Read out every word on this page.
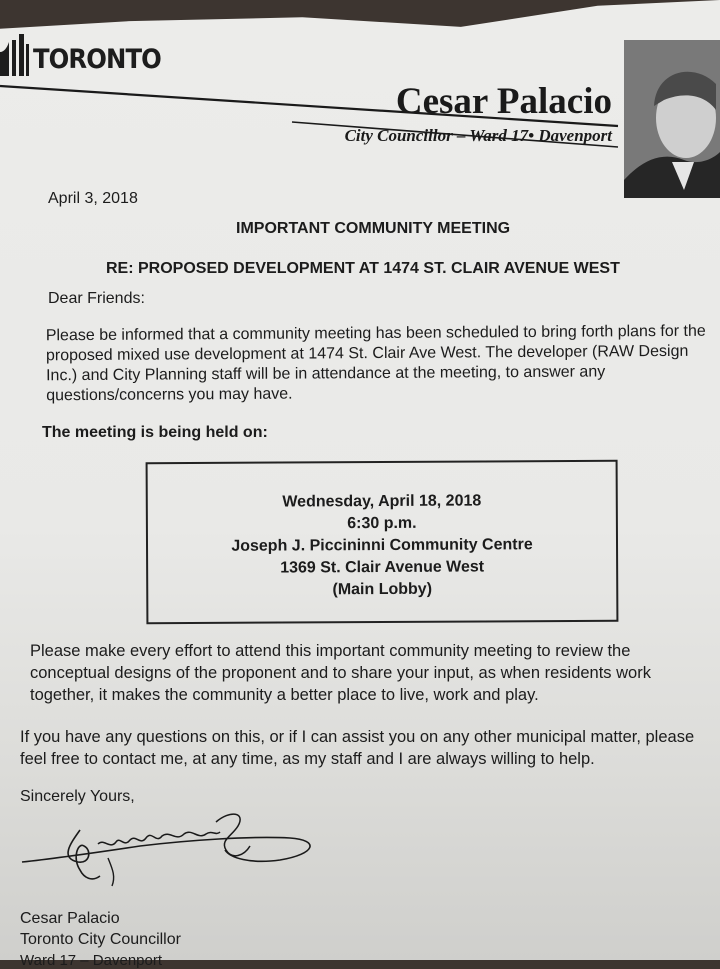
TORONTO
Cesar Palacio
City Councillor – Ward 17• Davenport
April 3, 2018
IMPORTANT COMMUNITY MEETING
RE: PROPOSED DEVELOPMENT AT 1474 ST. CLAIR AVENUE WEST
Dear Friends:

Please be informed that a community meeting has been scheduled to bring forth plans for the proposed mixed use development at 1474 St. Clair Ave West. The developer (RAW Design Inc.) and City Planning staff will be in attendance at the meeting, to answer any questions/concerns you may have.

The meeting is being held on:
Wednesday, April 18, 2018
6:30 p.m.
Joseph J. Piccininni Community Centre
1369 St. Clair Avenue West
(Main Lobby)

Please make every effort to attend this important community meeting to review the conceptual designs of the proponent and to share your input, as when residents work together, it makes the community a better place to live, work and play.

If you have any questions on this, or if I can assist you on any other municipal matter, please feel free to contact me, at any time, as my staff and I are always willing to help.

Sincerely Yours,
Cesar Palacio
Toronto City Councillor
Ward 17 – Davenport
